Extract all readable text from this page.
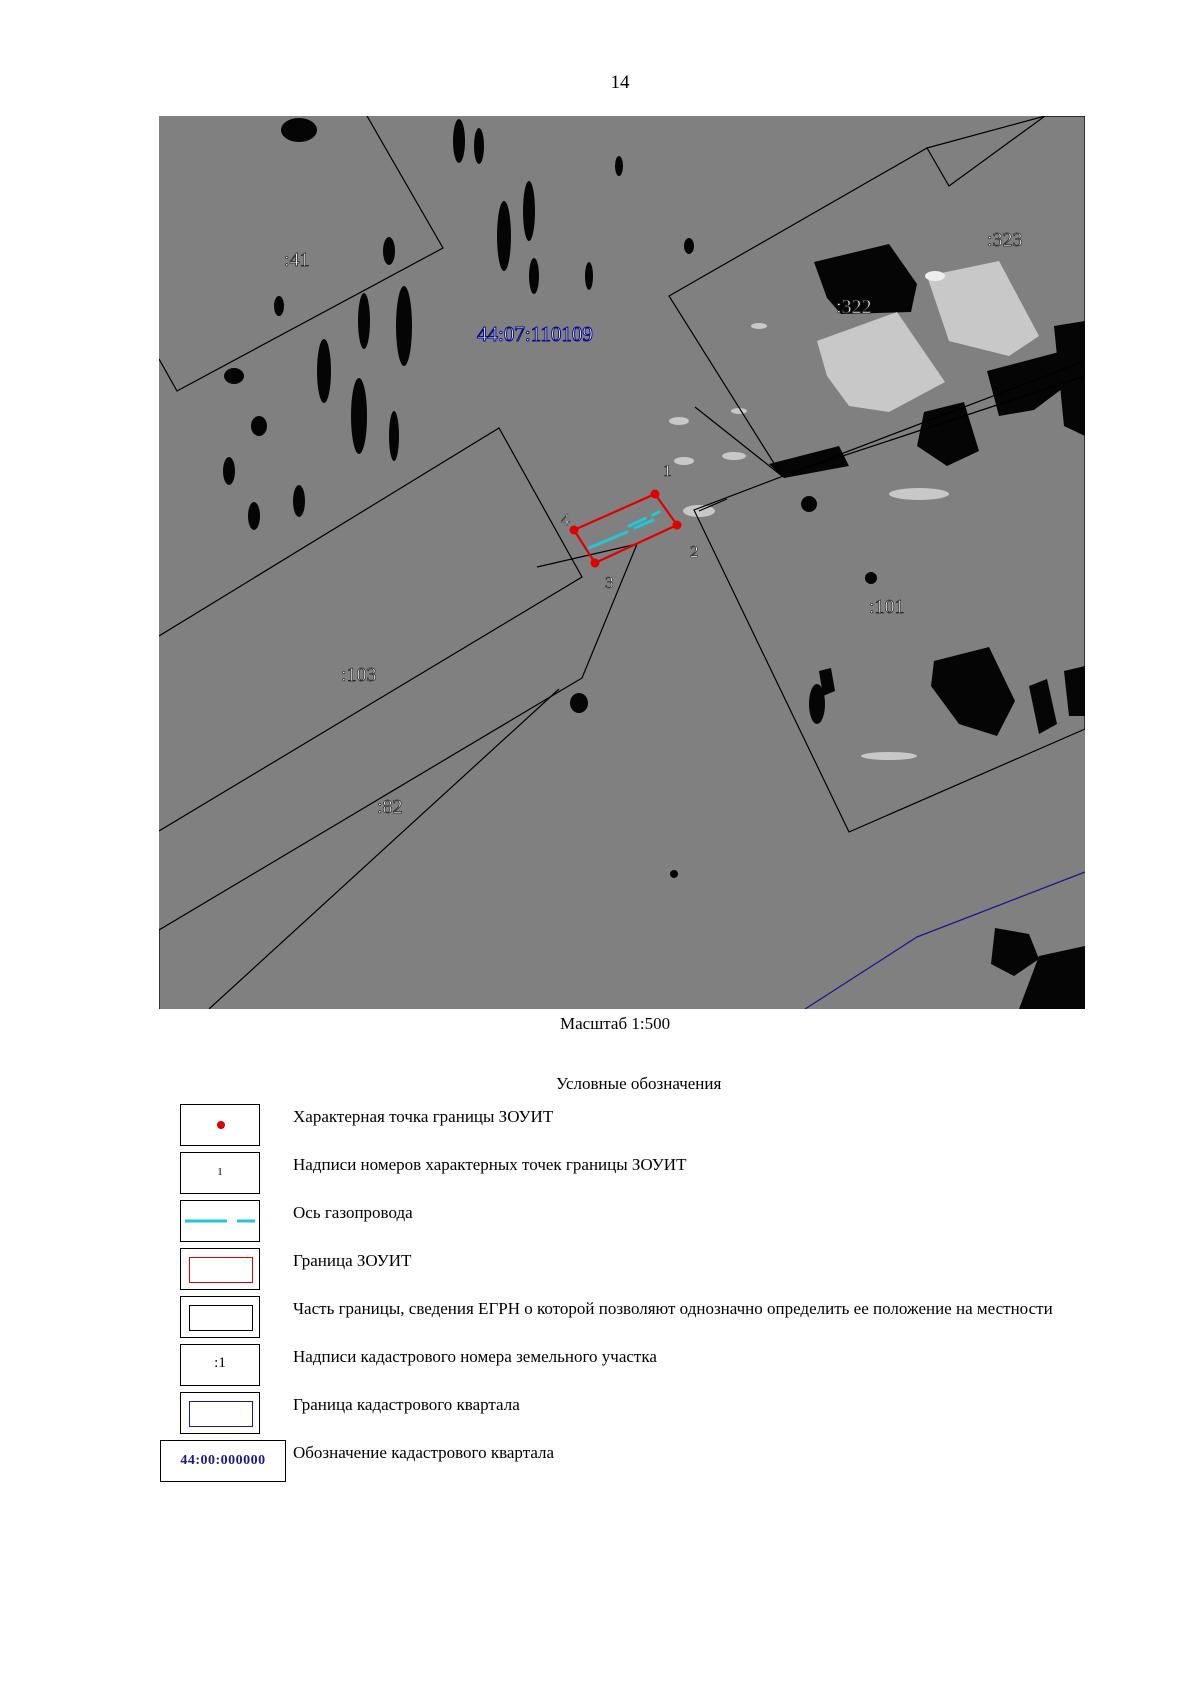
14
:41
:323
:322
44:07:110109
:101
:103
:82
1
2
3
4
Масштаб 1:500
Условные обозначения
Характерная точка границы ЗОУИТ
1	Надписи номеров характерных точек границы ЗОУИТ
Ось газопровода
Граница ЗОУИТ
Часть границы, сведения ЕГРН о которой позволяют однозначно определить ее положение на местности
:1	Надписи кадастрового номера земельного участка
Граница кадастрового квартала
44:00:000000	Обозначение кадастрового квартала
